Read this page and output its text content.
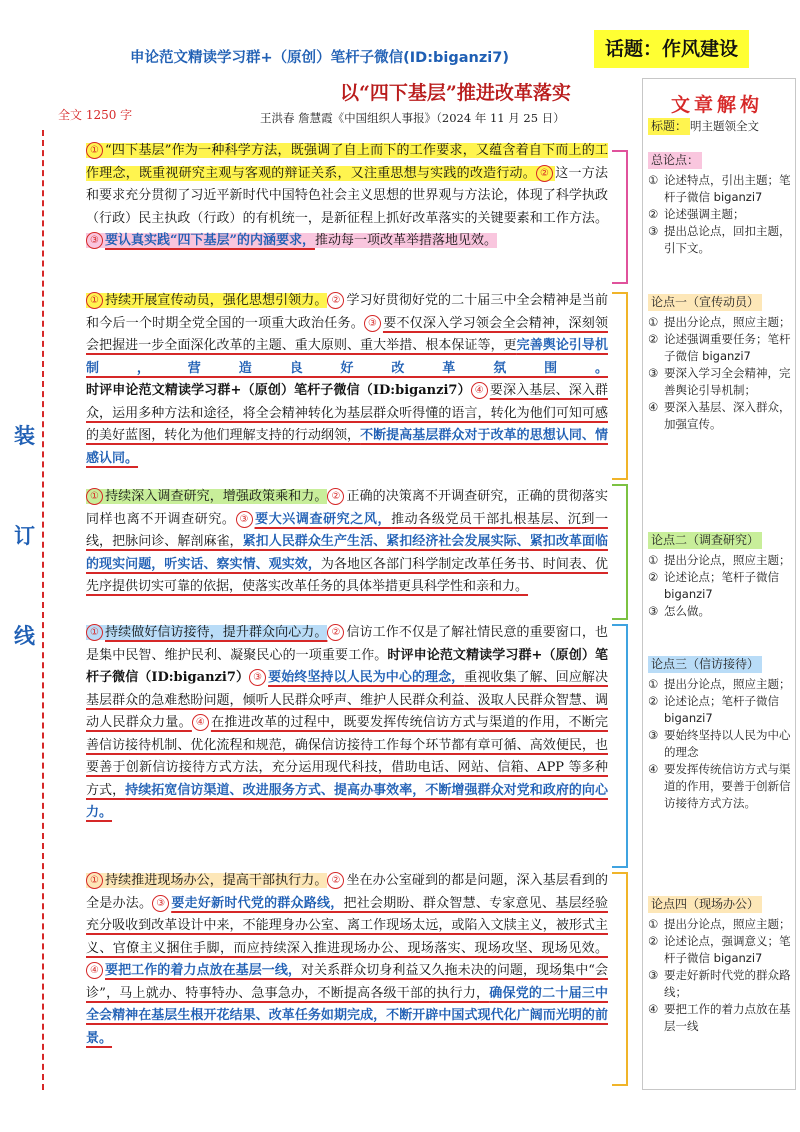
申论范文精读学习群+（原创）笔杆子微信(ID:biganzi7)	话题：作风建设
以“四下基层”推进改革落实
全文 1250 字	王洪春 詹慧霞《中国组织人事报》（2024 年 11 月 25 日）
装
订
线

① “四下基层”作为一种科学方法，既强调了自上而下的工作要求，又蕴含着自下而上的工作理念，既重视研究主观与客观的辩证关系，又注重思想与实践的改造行动。 ② 这一方法和要求充分贯彻了习近平新时代中国特色社会主义思想的世界观与方法论，体现了科学执政（行政）民主执政（行政）的有机统一，是新征程上抓好改革落实的关键要素和工作方法。③ 要认真实践“四下基层”的内涵要求，推动每一项改革举措落地见效。

① 持续开展宣传动员，强化思想引领力。 ② 学习好贯彻好党的二十届三中全会精神是当前和今后一个时期全党全国的一项重大政治任务。 ③ 要不仅深入学习领会全会精神，深刻领会把握进一步全面深化改革的主题、重大原则、重大举措、根本保证等，更完善舆论引导机制，营造良好改革氛围。时评申论范文精读学习群+（原创）笔杆子微信（ID:biganzi7） ④ 要深入基层、深入群众，运用多种方法和途径，将全会精神转化为基层群众听得懂的语言，转化为他们可知可感的美好蓝图，转化为他们理解支持的行动纲领，不断提高基层群众对于改革的思想认同、情感认同。

① 持续深入调查研究，增强政策乘和力。 ② 正确的决策离不开调查研究，正确的贯彻落实同样也离不开调查研究。 ③ 要大兴调查研究之风，推动各级党员干部扎根基层、沉到一线，把脉问诊、解剖麻雀，紧扣人民群众生产生活、紧扣经济社会发展实际、紧扣改革面临的现实问题，听实话、察实情、观实效，为各地区各部门科学制定改革任务书、时间表、优先序提供切实可靠的依据，使落实改革任务的具体举措更具科学性和亲和力。

① 持续做好信访接待，提升群众向心力。 ② 信访工作不仅是了解社情民意的重要窗口，也是集中民智、维护民利、凝聚民心的一项重要工作。时评申论范文精读学习群+（原创）笔杆子微信（ID:biganzi7） ③ 要始终坚持以人民为中心的理念，重视收集了解、回应解决基层群众的急难愁盼问题，倾听人民群众呼声、维护人民群众利益、汲取人民群众智慧、调动人民群众力量。 ④ 在推进改革的过程中，既要发挥传统信访方式与渠道的作用，不断完善信访接待机制、优化流程和规范，确保信访接待工作每个环节都有章可循、高效便民，也要善于创新信访接待方式方法，充分运用现代科技，借助电话、网站、信箱、APP 等多种方式，持续拓宽信访渠道、改进服务方式、提高办事效率，不断增强群众对党和政府的向心力。

① 持续推进现场办公，提高干部执行力。 ② 坐在办公室碰到的都是问题，深入基层看到的全是办法。 ③ 要走好新时代党的群众路线，把社会期盼、群众智慧、专家意见、基层经验充分吸收到改革设计中来，不能理身办公室、离工作现场太远，或陷入文牍主义，被形式主义、官僚主义捆住手脚，而应持续深入推进现场办公、现场落实、现场攻坚、现场见效。④ 要把工作的着力点放在基层一线，对关系群众切身利益又久拖未决的问题，现场集中“会诊”，马上就办、特事特办、急事急办，不断提高各级干部的执行力，确保党的二十届三中全会精神在基层生根开花结果、改革任务如期完成，不断开辟中国式现代化广阔而光明的前景。

文章解构
标题： 明主题领全文
总论点：
① 论述特点，引出主题；笔杆子微信 biganzi7
② 论述强调主题；
③ 提出总论点，回扣主题，引下文。
论点一（宣传动员）
① 提出分论点，照应主题；
② 论述强调重要任务；笔杆子微信 biganzi7
③ 要深入学习全会精神，完善舆论引导机制；
④ 要深入基层、深入群众，加强宣传。
论点二（调查研究）
① 提出分论点，照应主题；
② 论述论点；笔杆子微信 biganzi7
③ 怎么做。
论点三（信访接待）
① 提出分论点，照应主题；
② 论述论点；笔杆子微信 biganzi7
③ 要始终坚持以人民为中心的理念
④ 要发挥传统信访方式与渠道的作用，要善于创新信访接待方式方法。
论点四（现场办公）
① 提出分论点，照应主题；
② 论述论点，强调意义；笔杆子微信 biganzi7
③ 要走好新时代党的群众路线；
④ 要把工作的着力点放在基层一线
